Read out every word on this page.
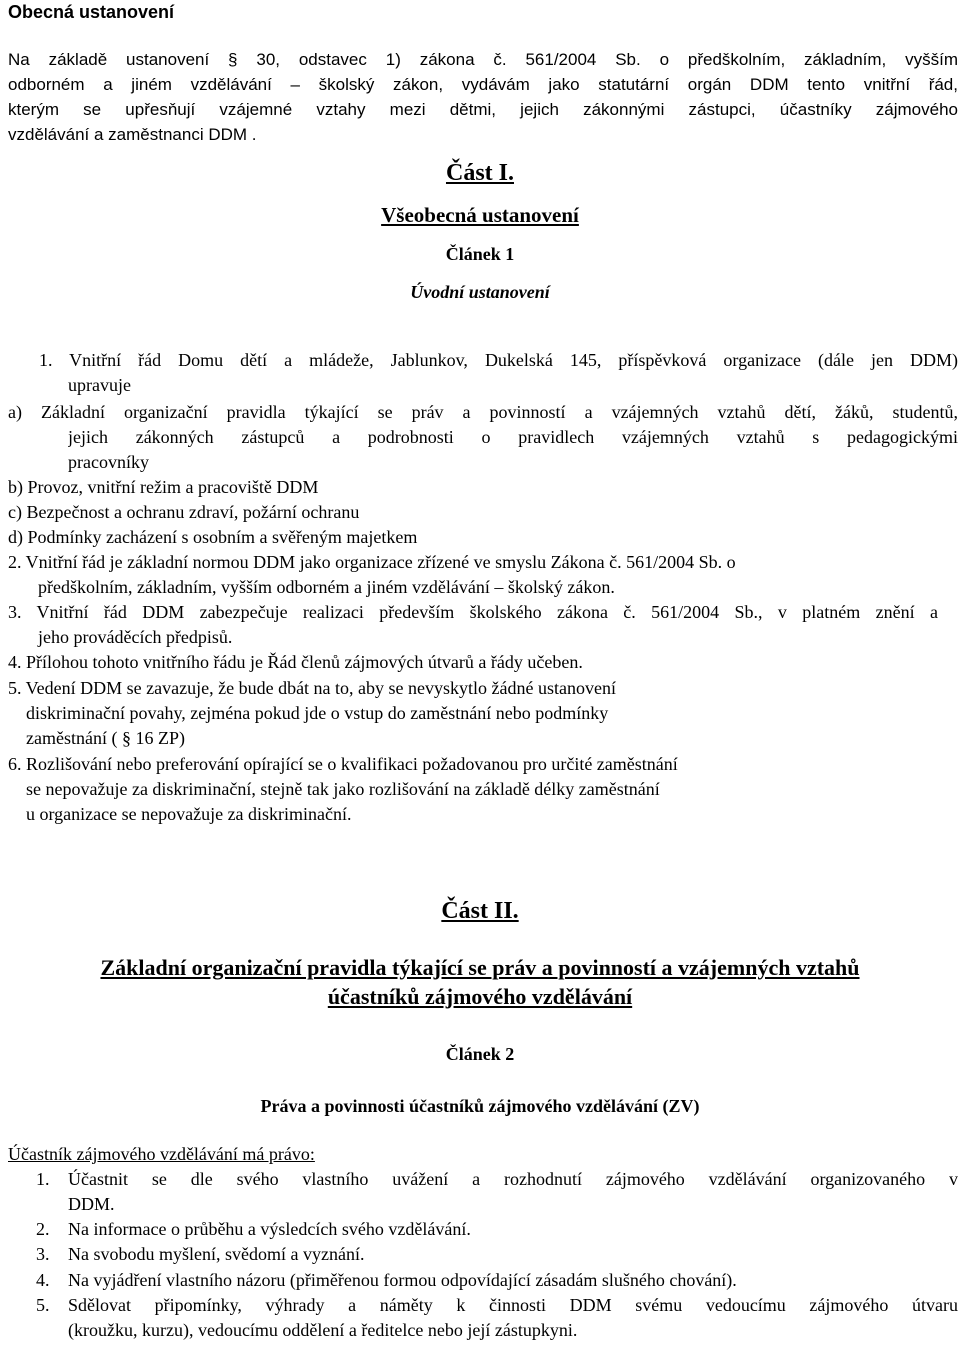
Obecná ustanovení
Na základě ustanovení § 30, odstavec 1) zákona č. 561/2004 Sb. o předškolním, základním, vyšším
odborném a jiném vzdělávání – školský zákon, vydávám jako statutární orgán DDM tento vnitřní řád,
kterým se upřesňují vzájemné vztahy mezi dětmi, jejich zákonnými zástupci, účastníky zájmového
vzdělávání a zaměstnanci DDM .
Část I.
Všeobecná ustanovení
Článek 1
Úvodní ustanovení
1. Vnitřní řád Domu dětí a mládeže, Jablunkov, Dukelská 145, příspěvková organizace (dále jen DDM)
upravuje
a) Základní organizační pravidla týkající se práv a povinností a vzájemných vztahů dětí, žáků, studentů,
jejich zákonných zástupců a podrobnosti o pravidlech vzájemných vztahů s pedagogickými
pracovníky
b) Provoz, vnitřní režim a pracoviště DDM
c) Bezpečnost a ochranu zdraví, požární ochranu
d) Podmínky zacházení s osobním a svěřeným majetkem
2. Vnitřní řád je základní normou DDM jako organizace zřízené ve smyslu Zákona č. 561/2004 Sb. o
předškolním, základním, vyšším odborném a jiném vzdělávání – školský zákon.
3. Vnitřní řád DDM zabezpečuje realizaci především školského zákona č. 561/2004 Sb., v platném znění a
jeho prováděcích předpisů.
4. Přílohou tohoto vnitřního řádu je Řád členů zájmových útvarů a řády učeben.
5. Vedení DDM se zavazuje, že bude dbát na to, aby se nevyskytlo žádné ustanovení
diskriminační povahy, zejména pokud jde o vstup do zaměstnání nebo podmínky
zaměstnání ( § 16 ZP)
6. Rozlišování nebo preferování opírající se o kvalifikaci požadovanou pro určité zaměstnání
se nepovažuje za diskriminační, stejně tak jako rozlišování na základě délky zaměstnání
u organizace se nepovažuje za diskriminační.
Část II.
Základní organizační pravidla týkající se práv a povinností a vzájemných vztahů
účastníků zájmového vzdělávání
Článek 2
Práva a povinnosti účastníků zájmového vzdělávání (ZV)
Účastník zájmového vzdělávání má právo:
1. Účastnit se dle svého vlastního uvážení a rozhodnutí zájmového vzdělávání organizovaného v
DDM.
2. Na informace o průběhu a výsledcích svého vzdělávání.
3. Na svobodu myšlení, svědomí a vyznání.
4. Na vyjádření vlastního názoru (přiměřenou formou odpovídající zásadám slušného chování).
5. Sdělovat připomínky, výhrady a náměty k činnosti DDM svému vedoucímu zájmového útvaru
(kroužku, kurzu), vedoucímu oddělení a ředitelce nebo její zástupkyni.
